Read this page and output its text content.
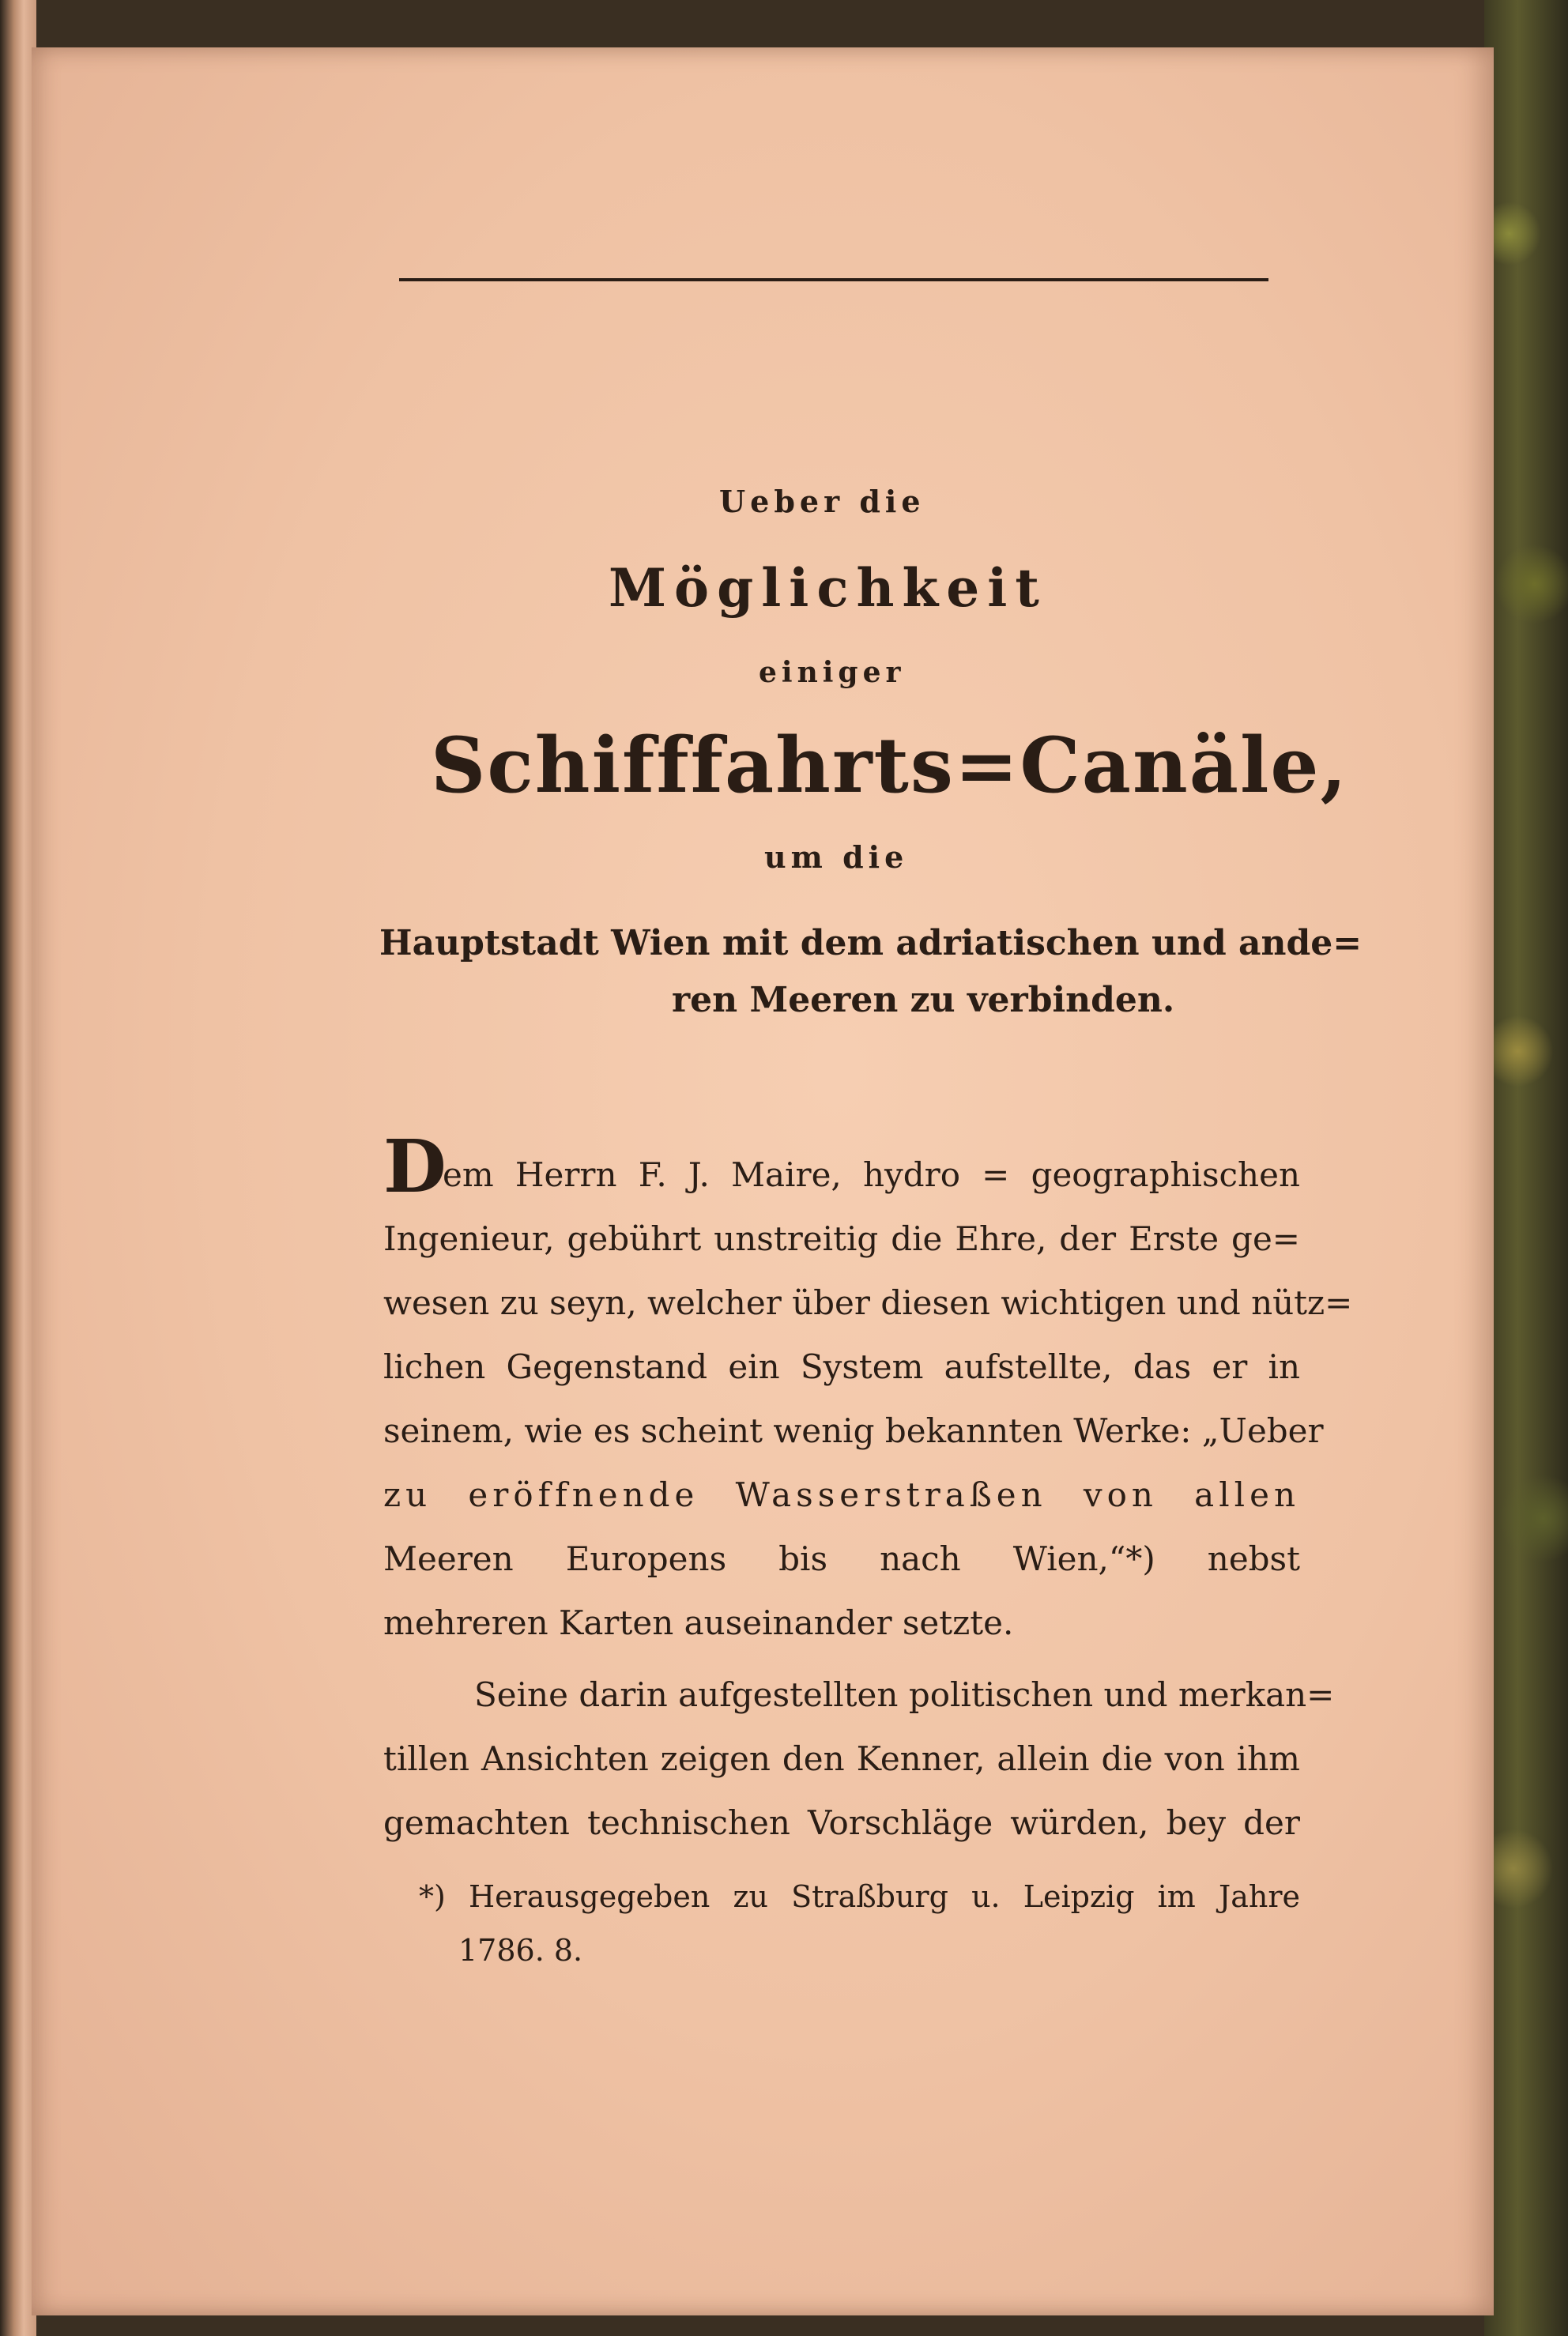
Ueber die
Möglichkeit
einiger
Schifffahrts=Canäle,
um die
Hauptstadt Wien mit dem adriatischen und ande=
ren Meeren zu verbinden.
D
em Herrn F. J. Maire, hydro = geographischen
Ingenieur, gebührt unstreitig die Ehre, der Erste ge=
wesen zu seyn, welcher über diesen wichtigen und nütz=
lichen Gegenstand ein System aufstellte, das er in
seinem, wie es scheint wenig bekannten Werke: „Ueber
zu eröffnende Wasserstraßen von allen
Meeren Europens bis nach Wien,“*) nebst
mehreren Karten auseinander setzte.
Seine darin aufgestellten politischen und merkan=
tillen Ansichten zeigen den Kenner, allein die von ihm
gemachten technischen Vorschläge würden, bey der
*) Herausgegeben zu Straßburg u. Leipzig im Jahre
1786. 8.
